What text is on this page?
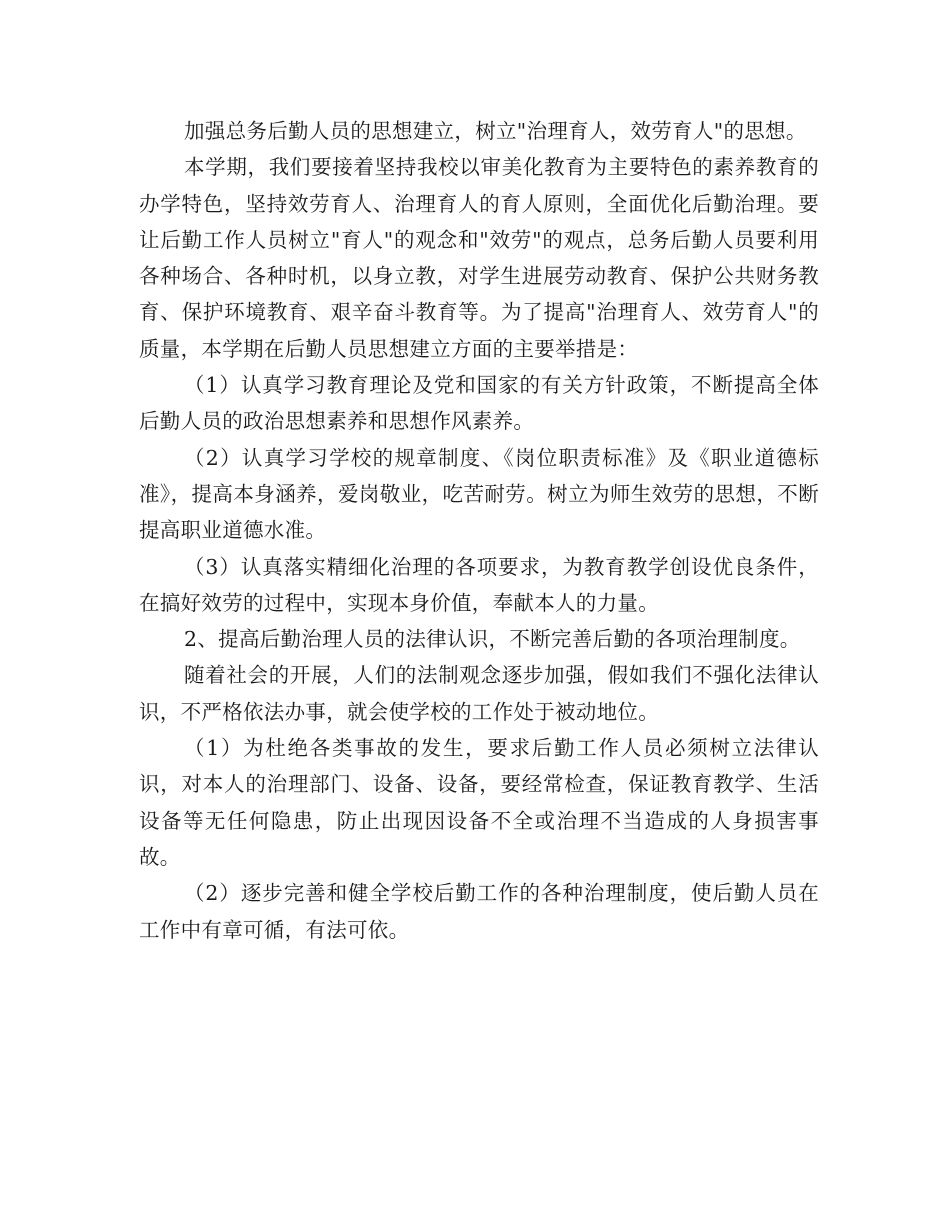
加强总务后勤人员的思想建立，树立"治理育人，效劳育人"的思想。

本学期，我们要接着坚持我校以审美化教育为主要特色的素养教育的办学特色，坚持效劳育人、治理育人的育人原则，全面优化后勤治理。要让后勤工作人员树立"育人"的观念和"效劳"的观点，总务后勤人员要利用各种场合、各种时机，以身立教，对学生进展劳动教育、保护公共财务教育、保护环境教育、艰辛奋斗教育等。为了提高"治理育人、效劳育人"的质量，本学期在后勤人员思想建立方面的主要举措是：

（1）认真学习教育理论及党和国家的有关方针政策，不断提高全体后勤人员的政治思想素养和思想作风素养。

（2）认真学习学校的规章制度、《岗位职责标准》及《职业道德标准》，提高本身涵养，爱岗敬业，吃苦耐劳。树立为师生效劳的思想，不断提高职业道德水准。

（3）认真落实精细化治理的各项要求，为教育教学创设优良条件，在搞好效劳的过程中，实现本身价值，奉献本人的力量。

2、提高后勤治理人员的法律认识，不断完善后勤的各项治理制度。

随着社会的开展，人们的法制观念逐步加强，假如我们不强化法律认识，不严格依法办事，就会使学校的工作处于被动地位。

（1）为杜绝各类事故的发生，要求后勤工作人员必须树立法律认识，对本人的治理部门、设备、设备，要经常检查，保证教育教学、生活设备等无任何隐患，防止出现因设备不全或治理不当造成的人身损害事故。

（2）逐步完善和健全学校后勤工作的各种治理制度，使后勤人员在工作中有章可循，有法可依。
